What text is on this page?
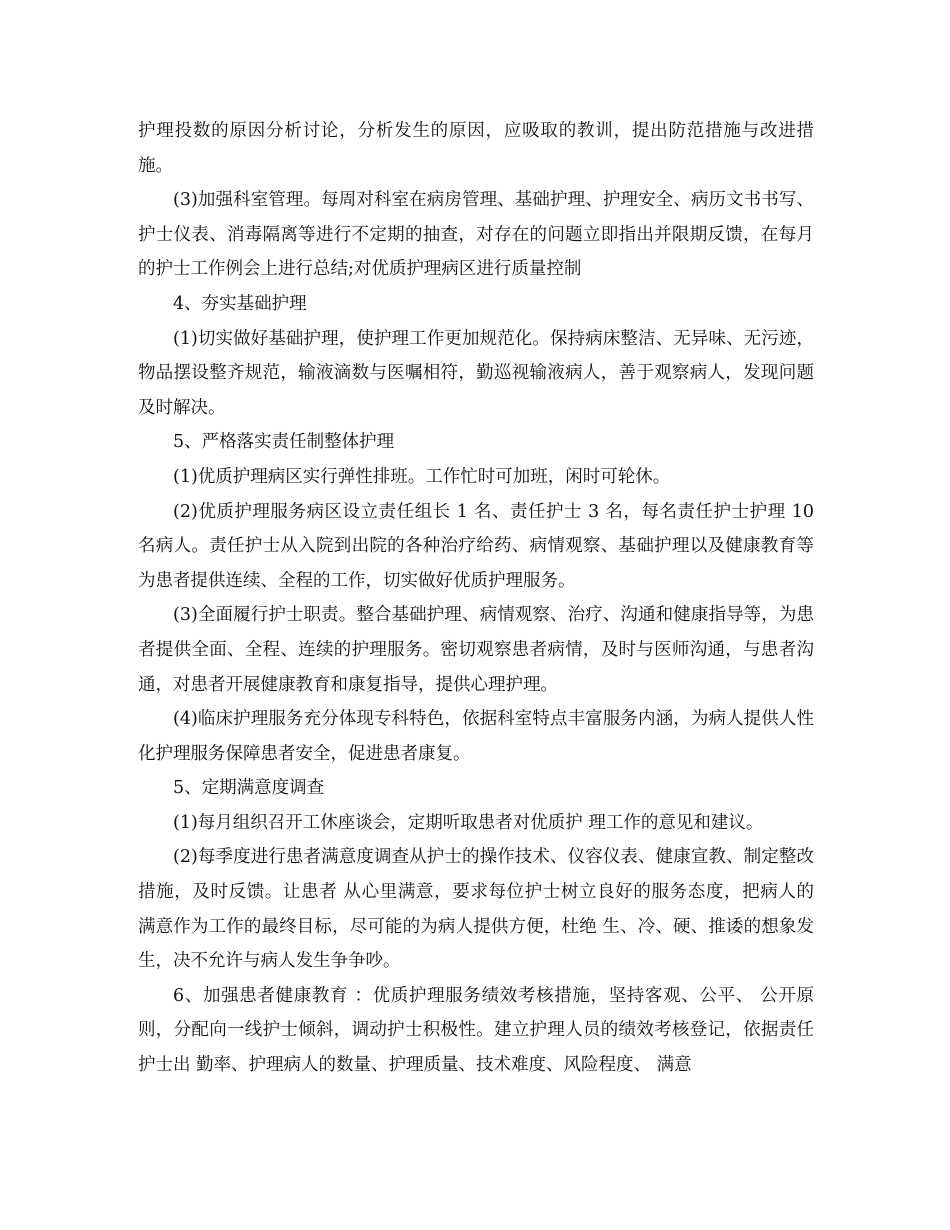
护理投数的原因分析讨论，分析发生的原因，应吸取的教训，提出防范措施与改进措施。

(3)加强科室管理。每周对科室在病房管理、基础护理、护理安全、病历文书书写、护士仪表、消毒隔离等进行不定期的抽查，对存在的问题立即指出并限期反馈，在每月的护士工作例会上进行总结;对优质护理病区进行质量控制

4、夯实基础护理

(1)切实做好基础护理，使护理工作更加规范化。保持病床整洁、无异味、无污迹，物品摆设整齐规范，输液滴数与医嘱相符，勤巡视输液病人，善于观察病人，发现问题及时解决。

5、严格落实责任制整体护理

(1)优质护理病区实行弹性排班。工作忙时可加班，闲时可轮休。

(2)优质护理服务病区设立责任组长 1 名、责任护士 3 名，每名责任护士护理 10 名病人。责任护士从入院到出院的各种治疗给药、病情观察、基础护理以及健康教育等为患者提供连续、全程的工作，切实做好优质护理服务。

(3)全面履行护士职责。整合基础护理、病情观察、治疗、沟通和健康指导等，为患者提供全面、全程、连续的护理服务。密切观察患者病情，及时与医师沟通，与患者沟通，对患者开展健康教育和康复指导，提供心理护理。

(4)临床护理服务充分体现专科特色，依据科室特点丰富服务内涵，为病人提供人性化护理服务保障患者安全，促进患者康复。

5、定期满意度调查

(1)每月组织召开工休座谈会，定期听取患者对优质护 理工作的意见和建议。

(2)每季度进行患者满意度调查从护士的操作技术、仪容仪表、健康宣教、制定整改措施，及时反馈。让患者 从心里满意，要求每位护士树立良好的服务态度，把病人的 满意作为工作的最终目标，尽可能的为病人提供方便，杜绝 生、冷、硬、推诿的想象发生，决不允许与病人发生争争吵。

6、加强患者健康教育 ：优质护理服务绩效考核措施，坚持客观、公平、 公开原则，分配向一线护士倾斜，调动护士积极性。建立护理人员的绩效考核登记，依据责任护士出 勤率、护理病人的数量、护理质量、技术难度、风险程度、 满意
